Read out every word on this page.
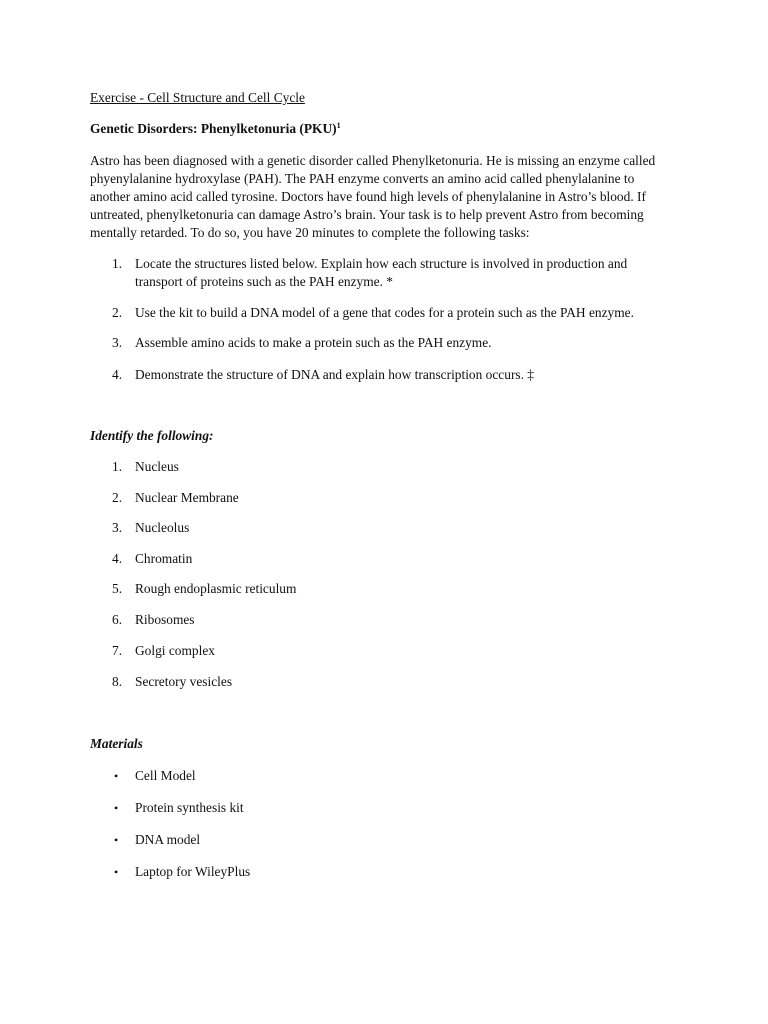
Exercise - Cell Structure and Cell Cycle
Genetic Disorders: Phenylketonuria (PKU)$^1$
Astro has been diagnosed with a genetic disorder called Phenylketonuria. He is missing an enzyme called
phyenylalanine hydroxylase (PAH). The PAH enzyme converts an amino acid called phenylalanine to
another amino acid called tyrosine. Doctors have found high levels of phenylalanine in Astro’s blood. If
untreated, phenylketonuria can damage Astro’s brain. Your task is to help prevent Astro from becoming
mentally retarded. To do so, you have 20 minutes to complete the following tasks:
1. Locate the structures listed below. Explain how each structure is involved in production and
transport of proteins such as the PAH enzyme. *
2. Use the kit to build a DNA model of a gene that codes for a protein such as the PAH enzyme.
3. Assemble amino acids to make a protein such as the PAH enzyme.
4. Demonstrate the structure of DNA and explain how transcription occurs. ‡
Identify the following:
1. Nucleus
2. Nuclear Membrane
3. Nucleolus
4. Chromatin
5. Rough endoplasmic reticulum
6. Ribosomes
7. Golgi complex
8. Secretory vesicles
Materials
• Cell Model
• Protein synthesis kit
• DNA model
• Laptop for WileyPlus
